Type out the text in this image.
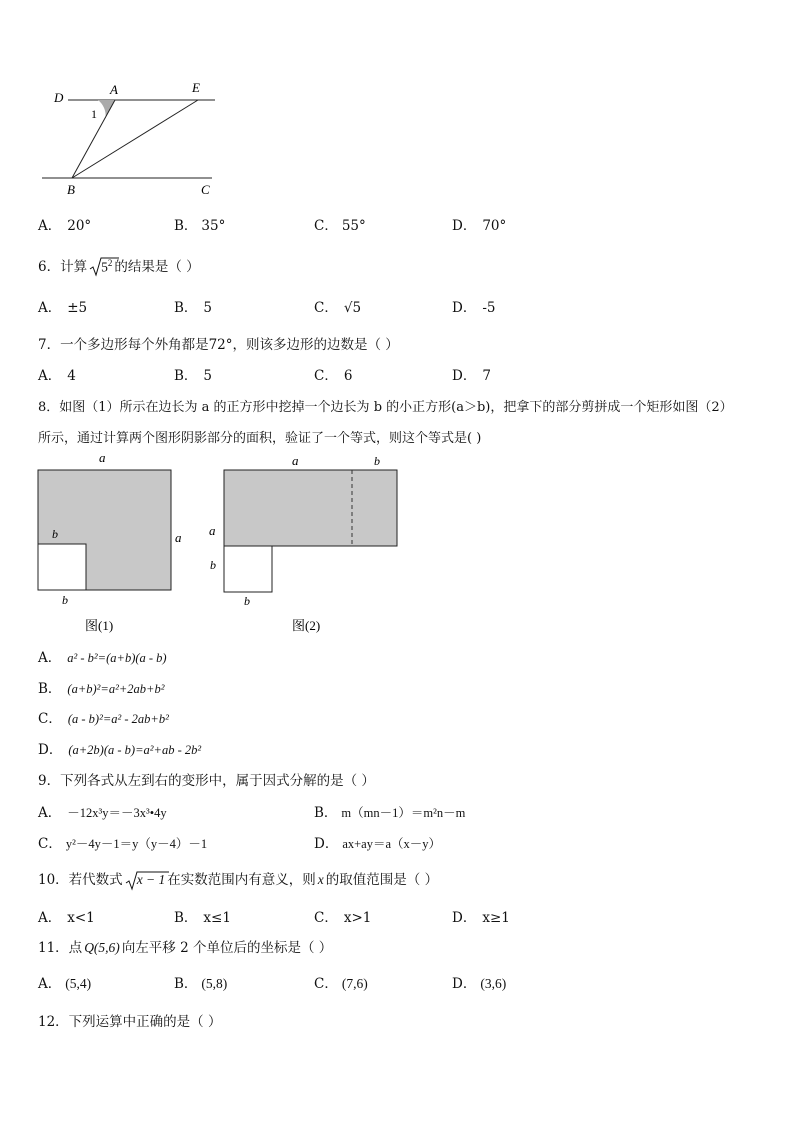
D
A	E
1
B	C
A． 20°	B． 35°	C． 55°	D． 70°
6．计算 $5^2$ 的结果是（ ）
A． ±5	B． 5	C． √5	D． -5
7．一个多边形每个外角都是72°，则该多边形的边数是（ ）
A． 4	B． 5	C． 6	D． 7
8．如图（1）所示在边长为 a 的正方形中挖掉一个边长为 b 的小正方形(a＞b)，把拿下的部分剪拼成一个矩形如图（2）
所示，通过计算两个图形阴影部分的面积，验证了一个等式，则这个等式是( )
a
a
b
b
图(1)
a	b
a
b
b
图(2)
A． a² - b²=(a+b)(a - b)
B． (a+b)²=a²+2ab+b²
C． (a - b)²=a² - 2ab+b²
D． (a+2b)(a - b)=a²+ab - 2b²
9．下列各式从左到右的变形中，属于因式分解的是（ ）
A． －12x³y＝－3x³•4y	B． m（mn－1）＝m²n－m
C． y²－4y－1＝y（y－4）－1	D． ax+ay＝a（x－y）
10．若代数式 x − 1 在实数范围内有意义，则 x 的取值范围是（ ）
A． x<1	B． x≤1	C． x>1	D． x≥1
11．点 Q(5,6) 向左平移 2 个单位后的坐标是（ ）
A． (5,4)	B． (5,8)	C． (7,6)	D． (3,6)
12．下列运算中正确的是（ ）
